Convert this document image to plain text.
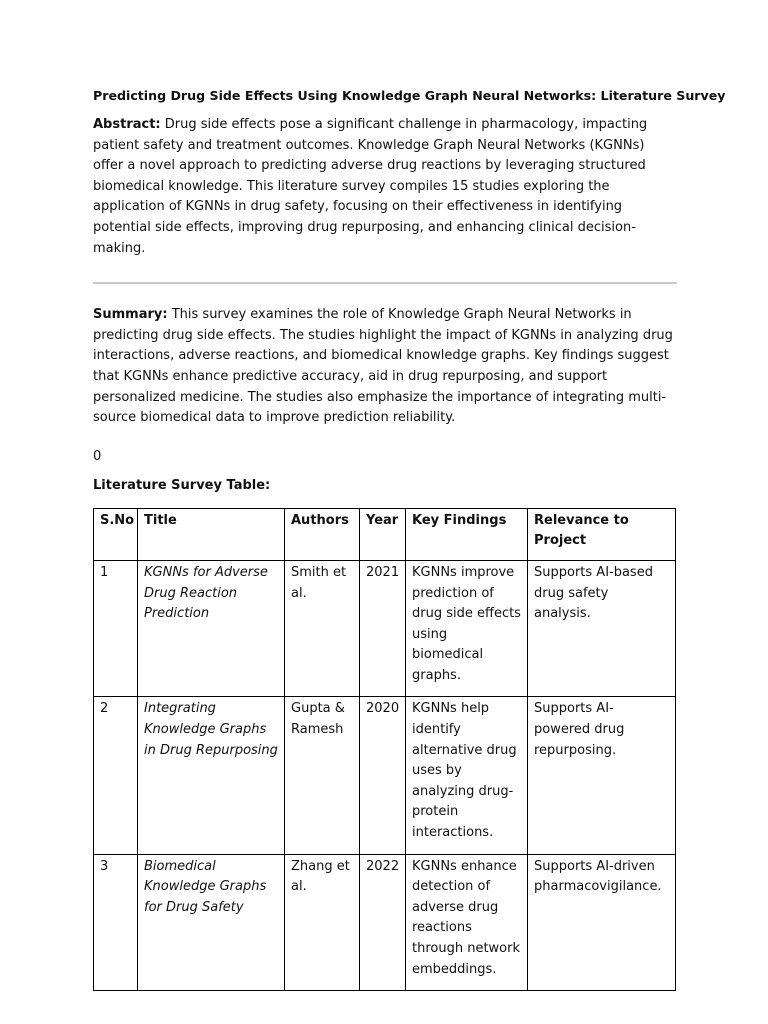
Predicting Drug Side Effects Using Knowledge Graph Neural Networks: Literature Survey

Abstract: Drug side effects pose a significant challenge in pharmacology, impacting patient safety and treatment outcomes. Knowledge Graph Neural Networks (KGNNs) offer a novel approach to predicting adverse drug reactions by leveraging structured biomedical knowledge. This literature survey compiles 15 studies exploring the application of KGNNs in drug safety, focusing on their effectiveness in identifying potential side effects, improving drug repurposing, and enhancing clinical decision-making.

Summary: This survey examines the role of Knowledge Graph Neural Networks in predicting drug side effects. The studies highlight the impact of KGNNs in analyzing drug interactions, adverse reactions, and biomedical knowledge graphs. Key findings suggest that KGNNs enhance predictive accuracy, aid in drug repurposing, and support personalized medicine. The studies also emphasize the importance of integrating multi-source biomedical data to improve prediction reliability.

0

Literature Survey Table:

S.No	Title	Authors	Year	Key Findings	Relevance to Project
1	KGNNs for Adverse Drug Reaction Prediction	Smith et al.	2021	KGNNs improve prediction of drug side effects using biomedical graphs.	Supports AI-based drug safety analysis.
2	Integrating Knowledge Graphs in Drug Repurposing	Gupta & Ramesh	2020	KGNNs help identify alternative drug uses by analyzing drug-protein interactions.	Supports AI-powered drug repurposing.
3	Biomedical Knowledge Graphs for Drug Safety	Zhang et al.	2022	KGNNs enhance detection of adverse drug reactions through network embeddings.	Supports AI-driven pharmacovigilance.
